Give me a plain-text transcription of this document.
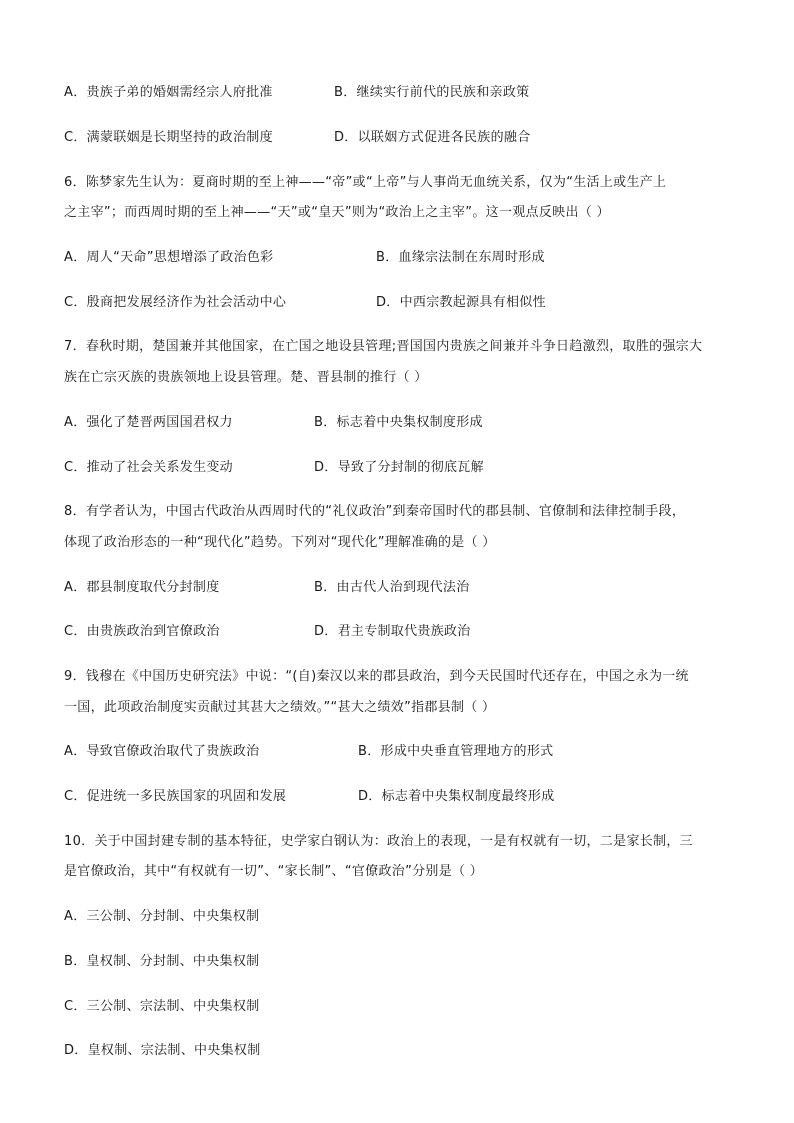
A．贵族子弟的婚姻需经宗人府批准	B．继续实行前代的民族和亲政策
C．满蒙联姻是长期坚持的政治制度	D．以联姻方式促进各民族的融合
6．陈梦家先生认为：夏商时期的至上神——“帝”或“上帝”与人事尚无血统关系，仅为“生活上或生产上
之主宰”；而西周时期的至上神——“天”或“皇天”则为“政治上之主宰”。这一观点反映出（ ）
A．周人“天命”思想增添了政治色彩	B．血缘宗法制在东周时形成
C．殷商把发展经济作为社会活动中心	D．中西宗教起源具有相似性
7．春秋时期，楚国兼并其他国家，在亡国之地设县管理;晋国国内贵族之间兼并斗争日趋激烈，取胜的强宗大
族在亡宗灭族的贵族领地上设县管理。楚、晋县制的推行（ ）
A．强化了楚晋两国国君权力	B．标志着中央集权制度形成
C．推动了社会关系发生变动	D．导致了分封制的彻底瓦解
8．有学者认为，中国古代政治从西周时代的“礼仪政治”到秦帝国时代的郡县制、官僚制和法律控制手段，
体现了政治形态的一种“现代化”趋势。下列对“现代化”理解准确的是（ ）
A．郡县制度取代分封制度	B．由古代人治到现代法治
C．由贵族政治到官僚政治	D．君主专制取代贵族政治
9．钱穆在《中国历史研究法》中说：“(自)秦汉以来的郡县政治，到今天民国时代还存在，中国之永为一统
一国，此项政治制度实贡献过其甚大之绩效。”“甚大之绩效”指郡县制（ ）
A．导致官僚政治取代了贵族政治	B．形成中央垂直管理地方的形式
C．促进统一多民族国家的巩固和发展	D．标志着中央集权制度最终形成
10．关于中国封建专制的基本特征，史学家白钢认为：政治上的表现，一是有权就有一切，二是家长制，三
是官僚政治，其中“有权就有一切”、“家长制”、“官僚政治”分别是（ ）
A．三公制、分封制、中央集权制
B．皇权制、分封制、中央集权制
C．三公制、宗法制、中央集权制
D．皇权制、宗法制、中央集权制
